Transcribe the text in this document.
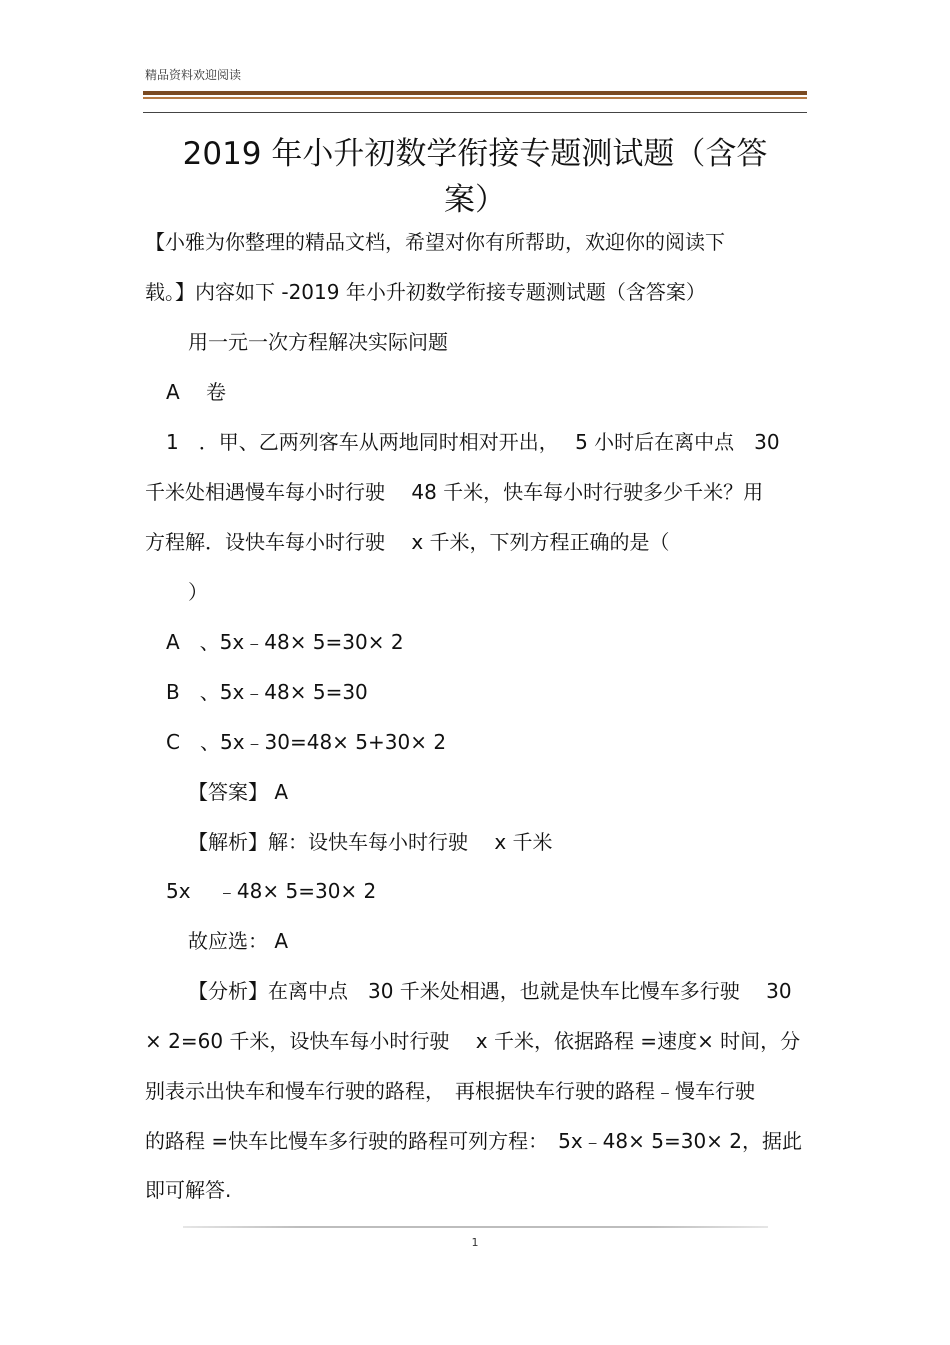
精品资料欢迎阅读
2019 年小升初数学衔接专题测试题（含答
案）
【小雅为你整理的精品文档，希望对你有所帮助，欢迎你的阅读下
载。】内容如下 -2019 年小升初数学衔接专题测试题（含答案）
用一元一次方程解决实际问题
A　 卷
1　．甲、乙两列客车从两地同时相对开出，　 5 小时后在离中点　30
千米处相遇慢车每小时行驶　 48 千米，快车每小时行驶多少千米？用
方程解．设快车每小时行驶　 x 千米，下列方程正确的是（
）
A　、5x﹣48× 5=30× 2
B　、5x﹣48× 5=30
C　、5x﹣30=48× 5+30× 2
【答案】 A
【解析】解：设快车每小时行驶　 x 千米
5x　 ﹣48× 5=30× 2
故应选： A
【分析】在离中点　30 千米处相遇，也就是快车比慢车多行驶　 30
× 2=60 千米，设快车每小时行驶　 x 千米，依据路程 =速度× 时间，分
别表示出快车和慢车行驶的路程，　再根据快车行驶的路程﹣慢车行驶
的路程 =快车比慢车多行驶的路程可列方程：　5x﹣48× 5=30× 2，据此
即可解答.
1
